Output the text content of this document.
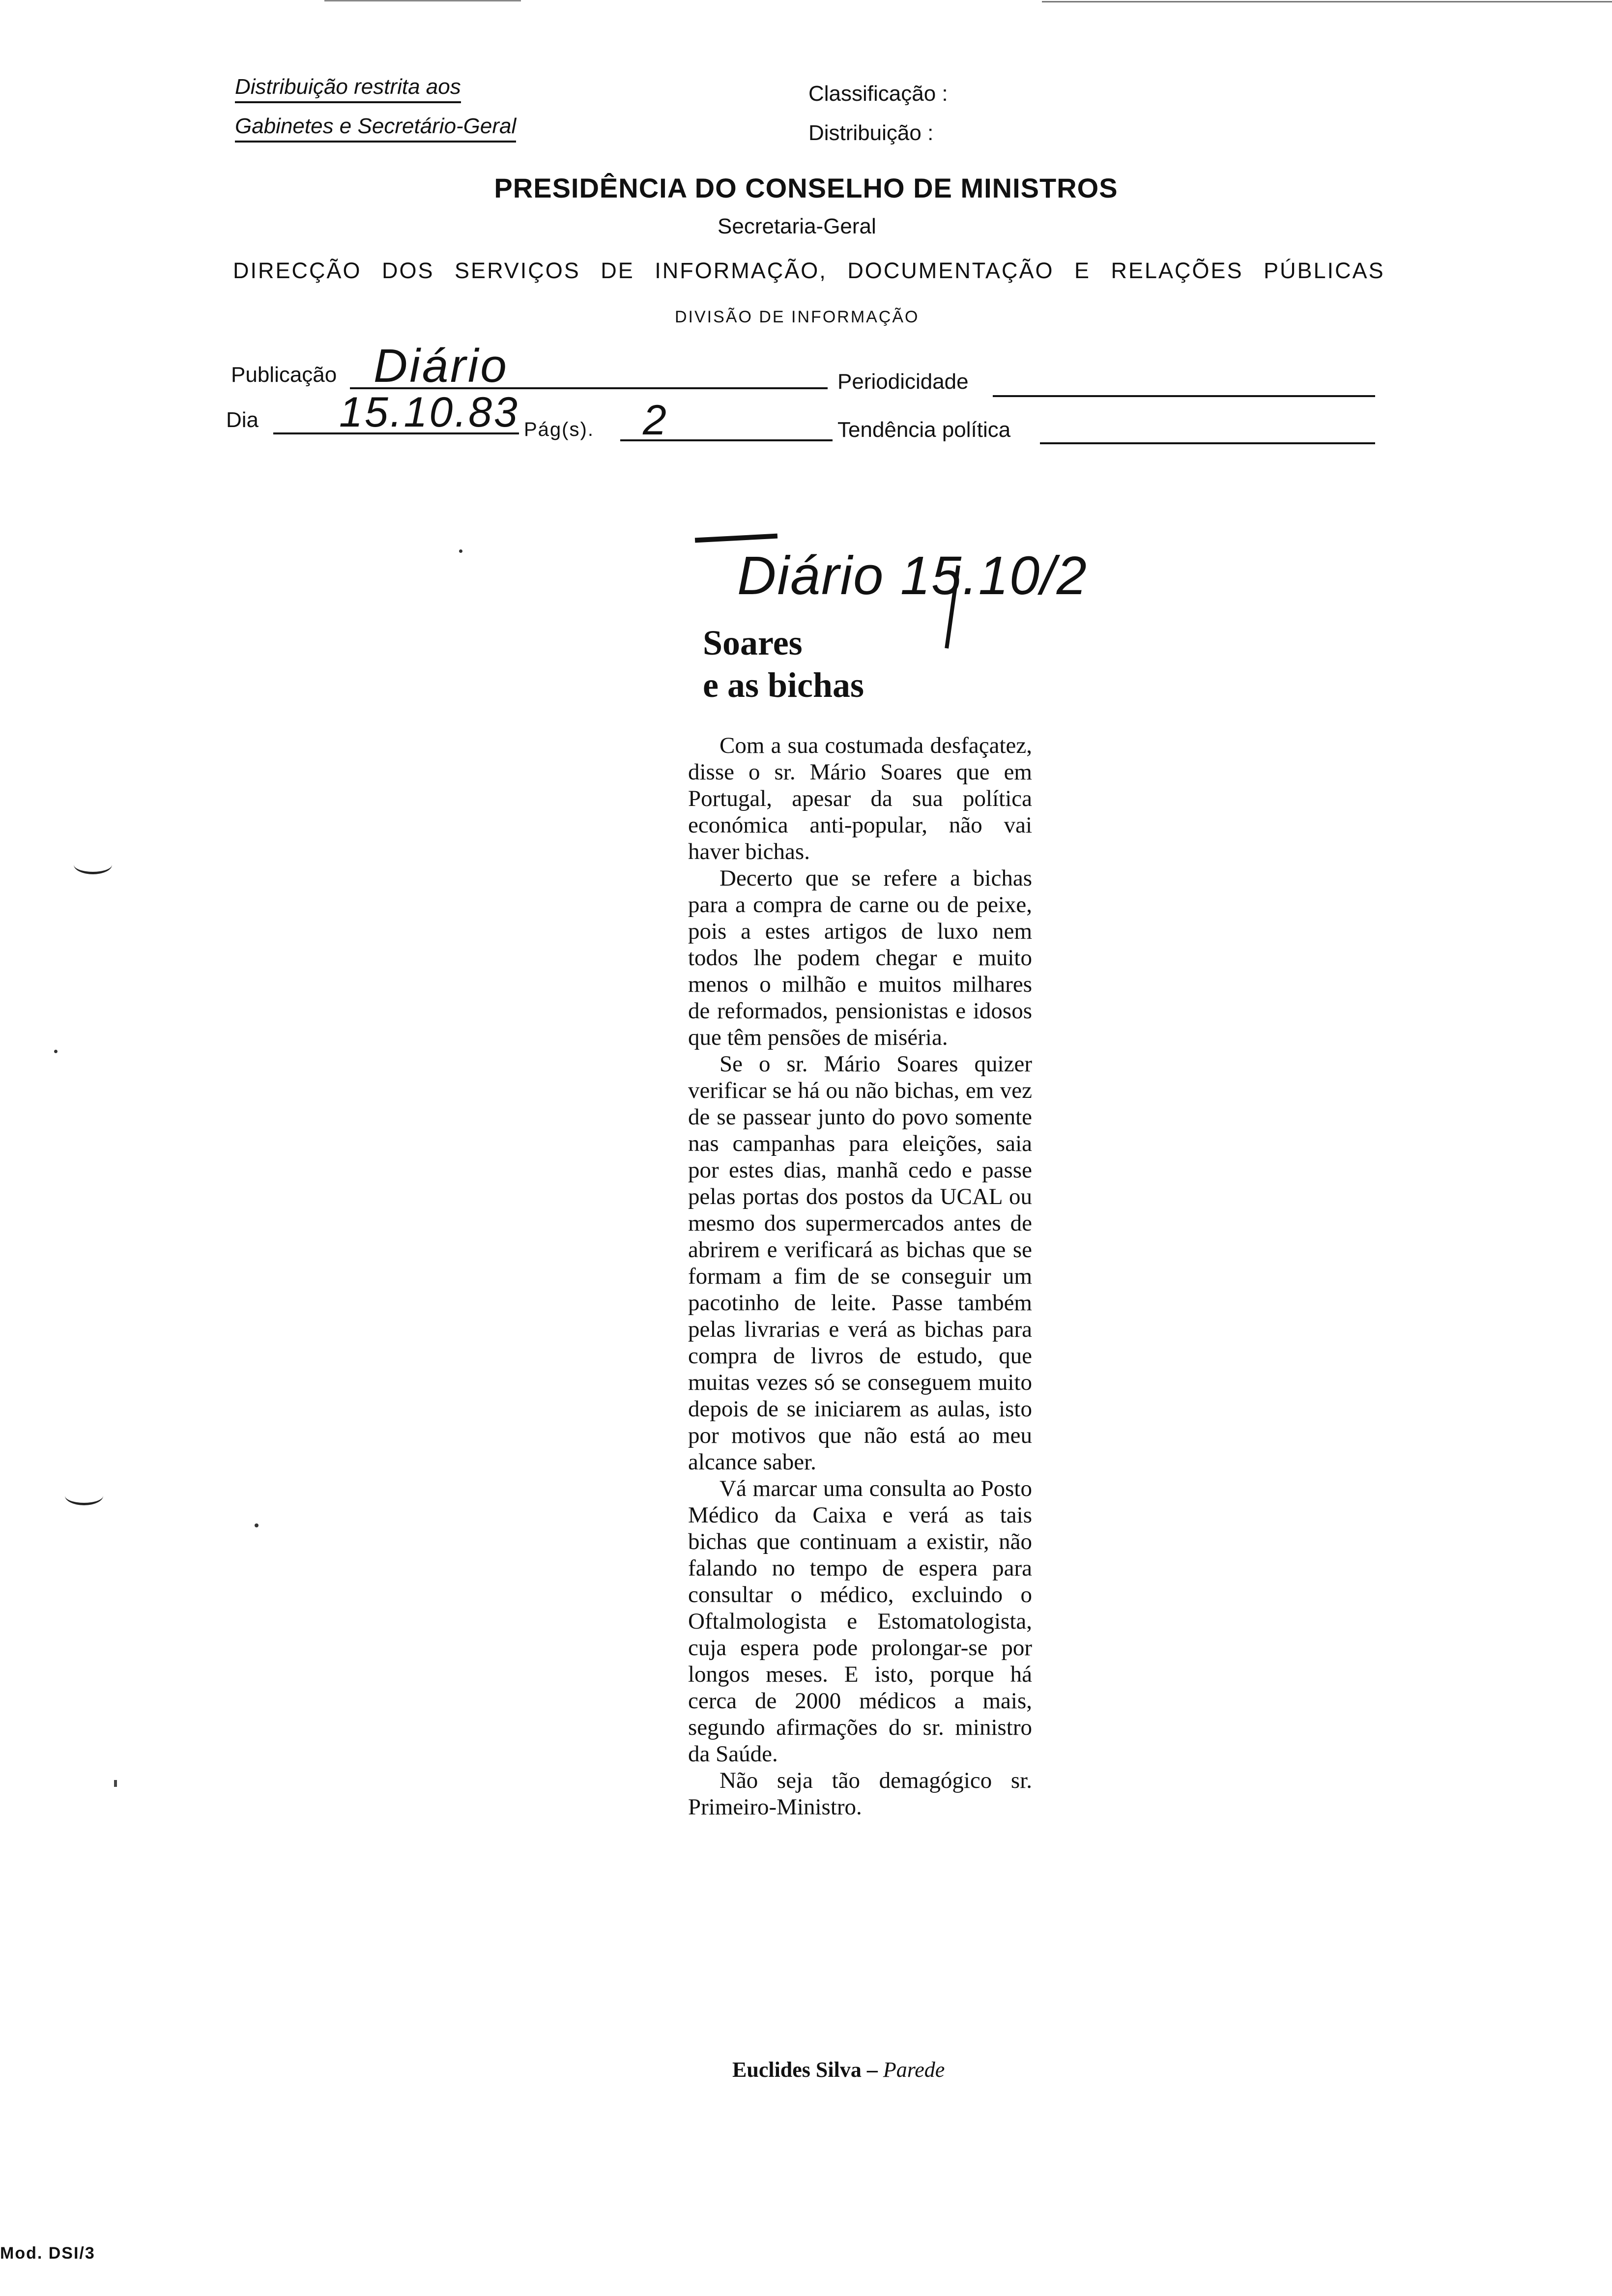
Distribuição restrita aos
Gabinetes e Secretário-Geral
Classificação :
Distribuição :
PRESIDÊNCIA DO CONSELHO DE MINISTROS
Secretaria-Geral
DIRECÇÃO DOS SERVIÇOS DE INFORMAÇÃO, DOCUMENTAÇÃO E RELAÇÕES PÚBLICAS
DIVISÃO DE INFORMAÇÃO
Publicação Diário	Periodicidade
Dia 15.10.83 Pág(s). 2	Tendência política
Diário 15.10/2
Soares
e as bichas

Com a sua costumada desfaçatez, disse o sr. Mário Soares que em Portugal, apesar da sua política económica anti-popular, não vai haver bichas.

Decerto que se refere a bichas para a compra de carne ou de peixe, pois a estes artigos de luxo nem todos lhe podem chegar e muito menos o milhão e muitos milhares de reformados, pensionistas e idosos que têm pensões de miséria.

Se o sr. Mário Soares quizer verificar se há ou não bichas, em vez de se passear junto do povo somente nas campanhas para eleições, saia por estes dias, manhã cedo e passe pelas portas dos postos da UCAL ou mesmo dos supermercados antes de abrirem e verificará as bichas que se formam a fim de se conseguir um pacotinho de leite. Passe também pelas livrarias e verá as bichas para compra de livros de estudo, que muitas vezes só se conseguem muito depois de se iniciarem as aulas, isto por motivos que não está ao meu alcance saber.

Vá marcar uma consulta ao Posto Médico da Caixa e verá as tais bichas que continuam a existir, não falando no tempo de espera para consultar o médico, excluindo o Oftalmologista e Estomatologista, cuja espera pode prolongar-se por longos meses. E isto, porque há cerca de 2000 médicos a mais, segundo afirmações do sr. ministro da Saúde.

Não seja tão demagógico sr. Primeiro-Ministro.

Euclides Silva – Parede
Mod. DSI/3
